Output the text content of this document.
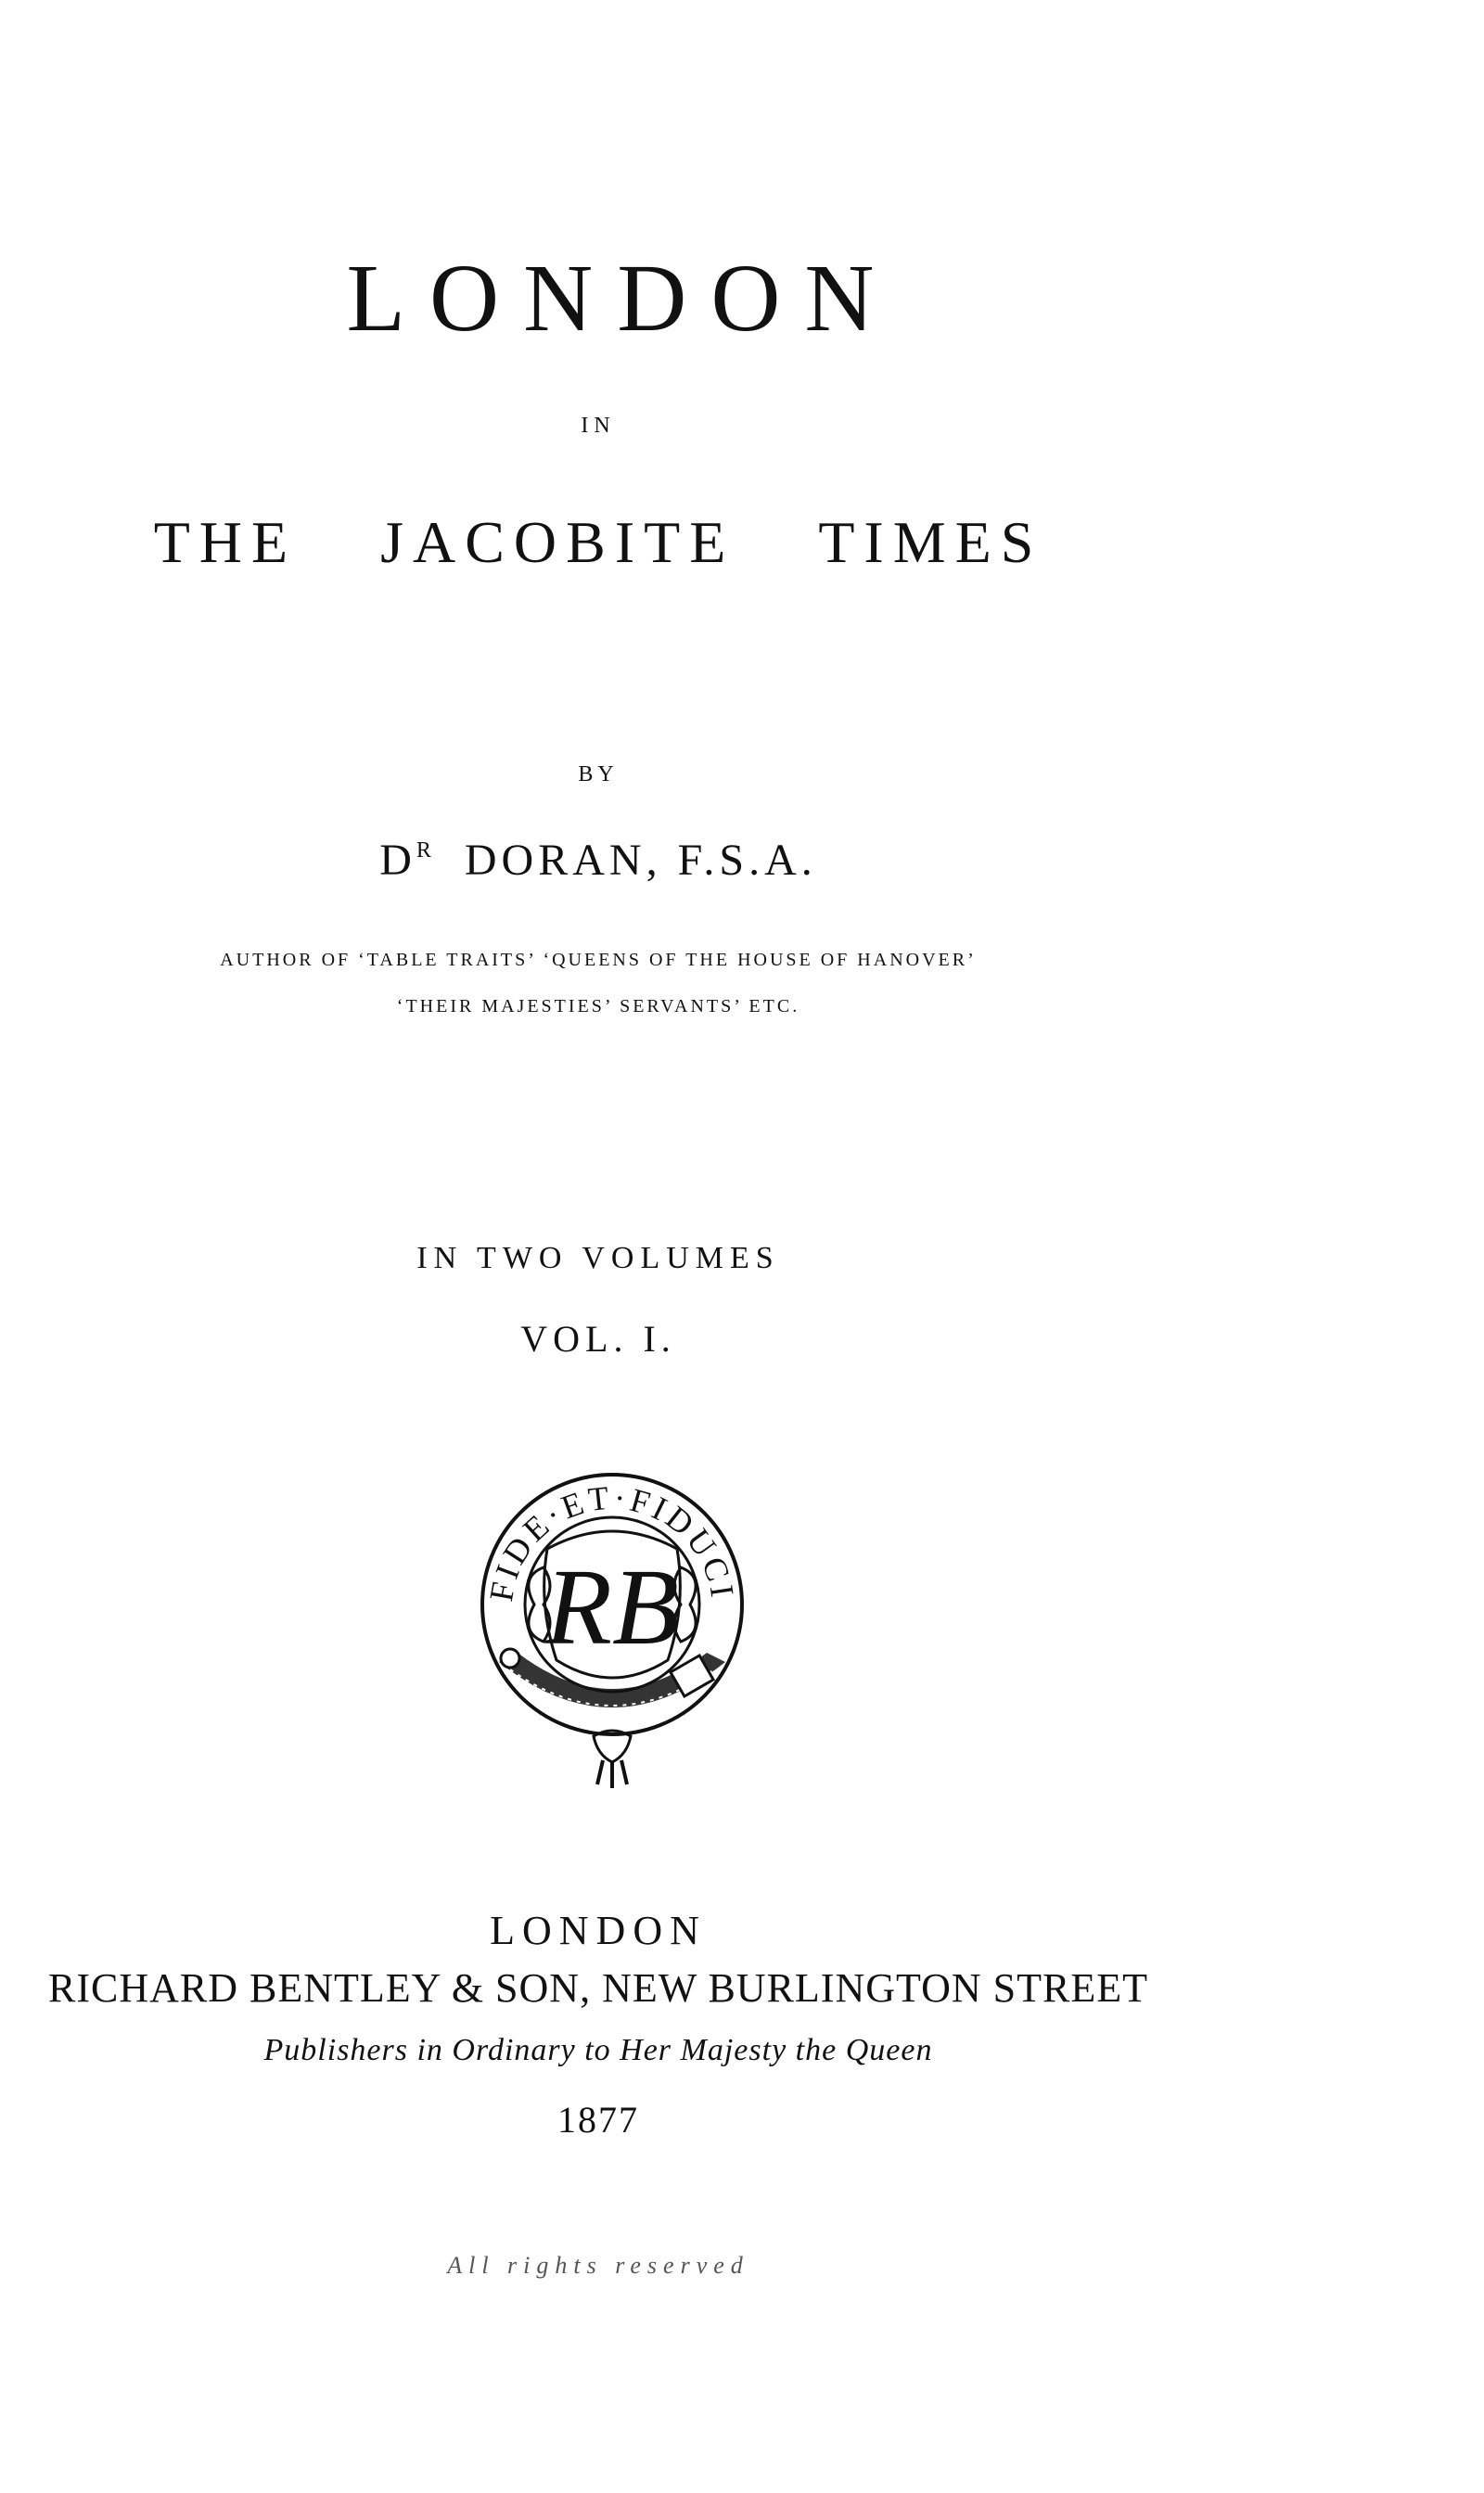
LONDON
IN
THE JACOBITE TIMES
BY
$D^R$ DORAN, F.S.A.
AUTHOR OF ‘TABLE TRAITS’ ‘QUEENS OF THE HOUSE OF HANOVER’
‘THEIR MAJESTIES’ SERVANTS’ ETC.
IN TWO VOLUMES
VOL. I.
FIDE·ET·FIDUCI
RB
LONDON
RICHARD BENTLEY & SON, NEW BURLINGTON STREET
Publishers in Ordinary to Her Majesty the Queen
1877
All rights reserved
